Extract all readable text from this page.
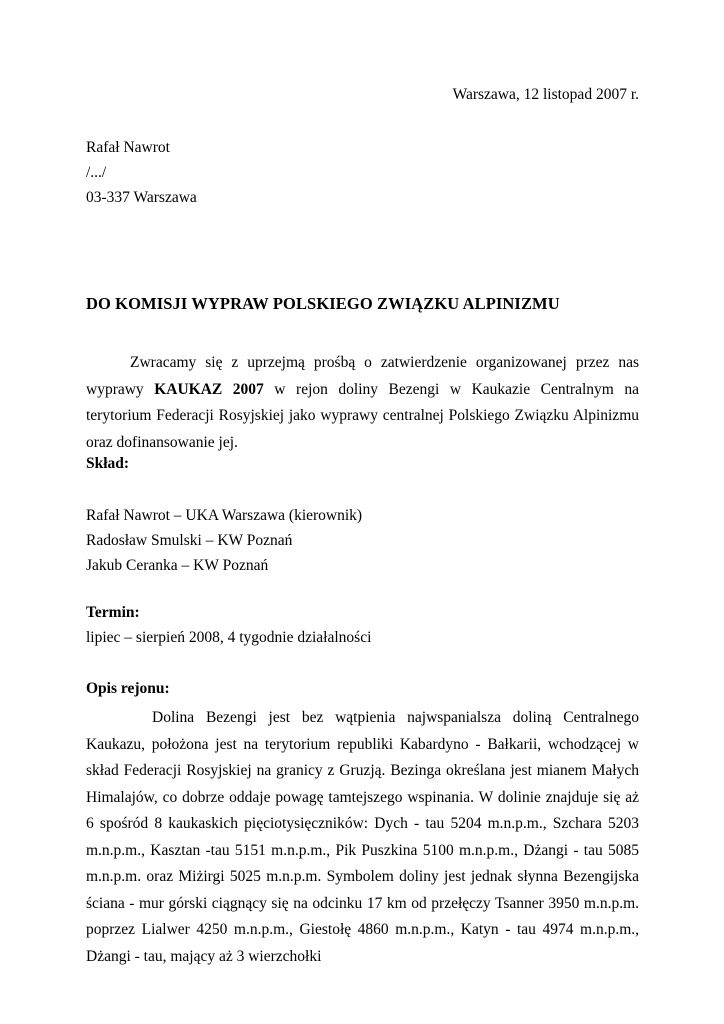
Warszawa, 12 listopad 2007 r.
Rafał Nawrot
/.../
03-337 Warszawa
DO KOMISJI WYPRAW POLSKIEGO ZWIĄZKU ALPINIZMU

Zwracamy się z uprzejmą prośbą o zatwierdzenie organizowanej przez nas wyprawy KAUKAZ 2007 w rejon doliny Bezengi w Kaukazie Centralnym na terytorium Federacji Rosyjskiej jako wyprawy centralnej Polskiego Związku Alpinizmu oraz dofinansowanie jej.

Skład:
Rafał Nawrot – UKA Warszawa (kierownik)
Radosław Smulski – KW Poznań
Jakub Ceranka – KW Poznań
Termin:
lipiec – sierpień 2008, 4 tygodnie działalności
Opis rejonu:

Dolina Bezengi jest bez wątpienia najwspanialsza doliną Centralnego Kaukazu, położona jest na terytorium republiki Kabardyno - Bałkarii, wchodzącej w skład Federacji Rosyjskiej na granicy z Gruzją. Bezinga określana jest mianem Małych Himalajów, co dobrze oddaje powagę tamtejszego wspinania. W dolinie znajduje się aż 6 spośród 8 kaukaskich pięciotysięczników: Dych - tau 5204 m.n.p.m., Szchara 5203 m.n.p.m., Kasztan -tau 5151 m.n.p.m., Pik Puszkina 5100 m.n.p.m., Dżangi - tau 5085 m.n.p.m. oraz Miżirgi 5025 m.n.p.m. Symbolem doliny jest jednak słynna Bezengijska ściana - mur górski ciągnący się na odcinku 17 km od przełęczy Tsanner 3950 m.n.p.m. poprzez Lialwer 4250 m.n.p.m., Giestołę 4860 m.n.p.m., Katyn - tau 4974 m.n.p.m., Dżangi - tau, mający aż 3 wierzchołki
